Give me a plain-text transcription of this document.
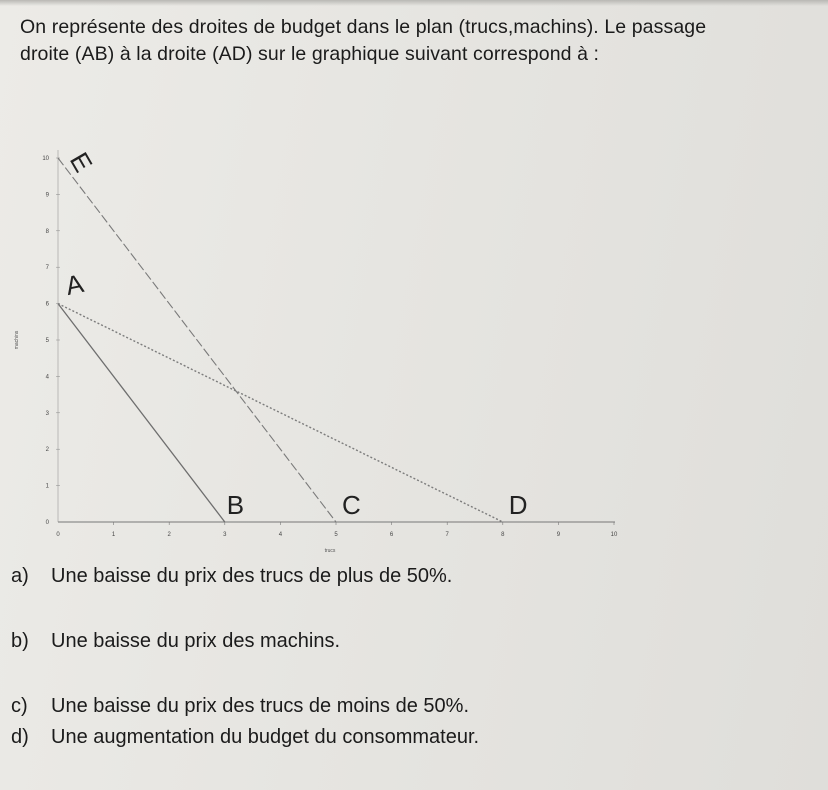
On représente des droites de budget dans le plan (trucs,machins). Le passage
droite (AB) à la droite (AD) sur le graphique suivant correspond à :
0	1	2	3	4	5	6	7	8	9	10
0
1
2
3
4
5
6
7
8
9
10 E
A
B	C	D
trucs
machins
a) Une baisse du prix des trucs de plus de 50%.
b) Une baisse du prix des machins.
c) Une baisse du prix des trucs de moins de 50%.
d) Une augmentation du budget du consommateur.
